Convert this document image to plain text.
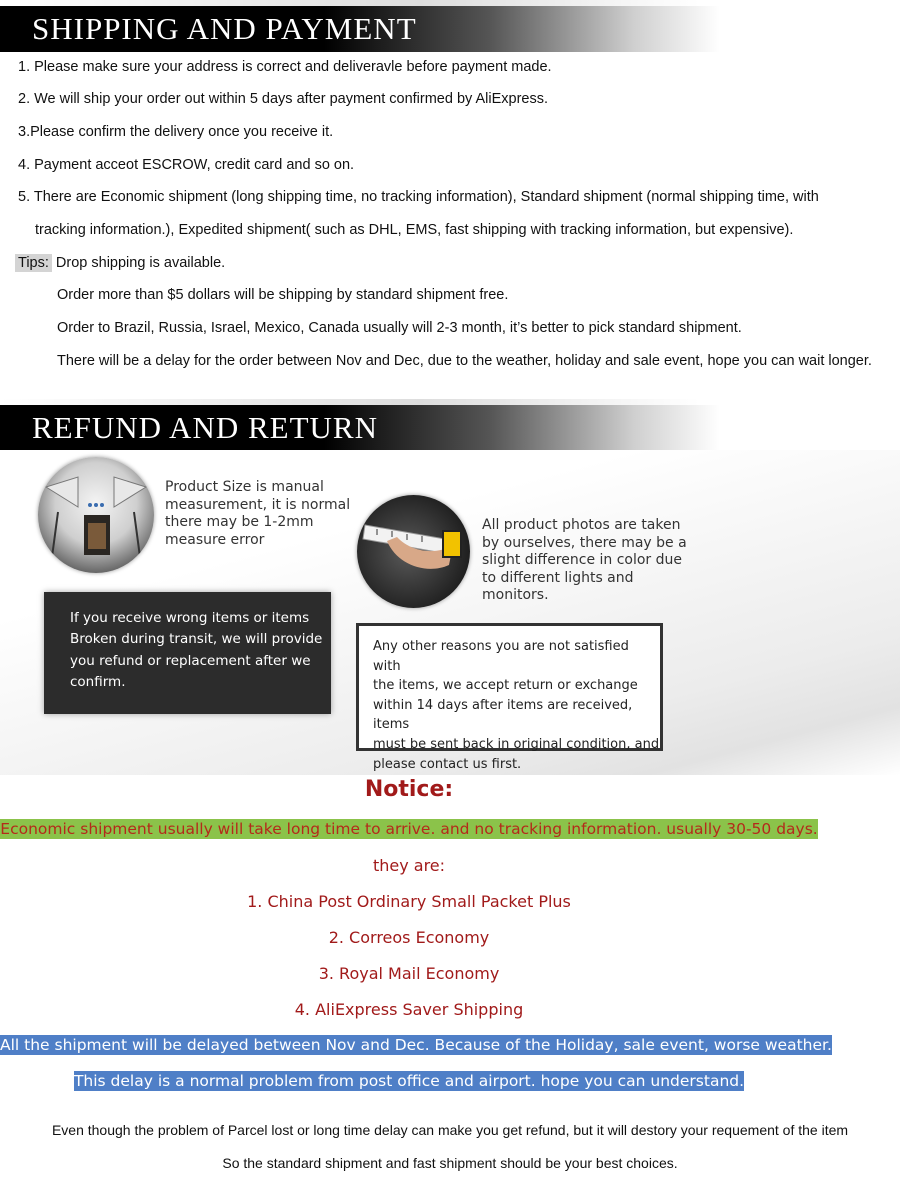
SHIPPING AND PAYMENT
1. Please make sure your address is correct and deliveravle before payment made.
2. We will ship your order out within 5 days after payment confirmed by AliExpress.
3.Please confirm the delivery once you receive it.
4. Payment acceot ESCROW, credit card and so on.
5. There are Economic shipment (long shipping time, no tracking information), Standard shipment (normal shipping time, with
tracking information.), Expedited shipment( such as DHL, EMS, fast shipping with tracking information, but expensive).
Tips: Drop shipping is available.
Order more than $5 dollars will be shipping by standard shipment free.
Order to Brazil, Russia, Israel, Mexico, Canada usually will 2-3 month, it’s better to pick standard shipment.
There will be a delay for the order between Nov and Dec, due to the weather, holiday and sale event, hope you can wait longer.
REFUND AND RETURN
Product Size is manual
measurement, it is normal
there may be 1-2mm
measure error
All product photos are taken
by ourselves, there may be a
slight difference in color due
to different lights and
monitors.

If you receive wrong items or items
Broken during transit, we will provide
you refund or replacement after we
confirm.

Any other reasons you are not satisfied with
the items, we accept return or exchange
within 14 days after items are received, items
must be sent back in original condition, and
please contact us first.

Notice:
Economic shipment usually will take long time to arrive. and no tracking information. usually 30-50 days.
they are:
1. China Post Ordinary Small Packet Plus
2. Correos Economy
3. Royal Mail Economy
4. AliExpress Saver Shipping
All the shipment will be delayed between Nov and Dec. Because of the Holiday, sale event, worse weather.
This delay is a normal problem from post office and airport. hope you can understand.
Even though the problem of Parcel lost or long time delay can make you get refund, but it will destory your requement of the item
So the standard shipment and fast shipment should be your best choices.
